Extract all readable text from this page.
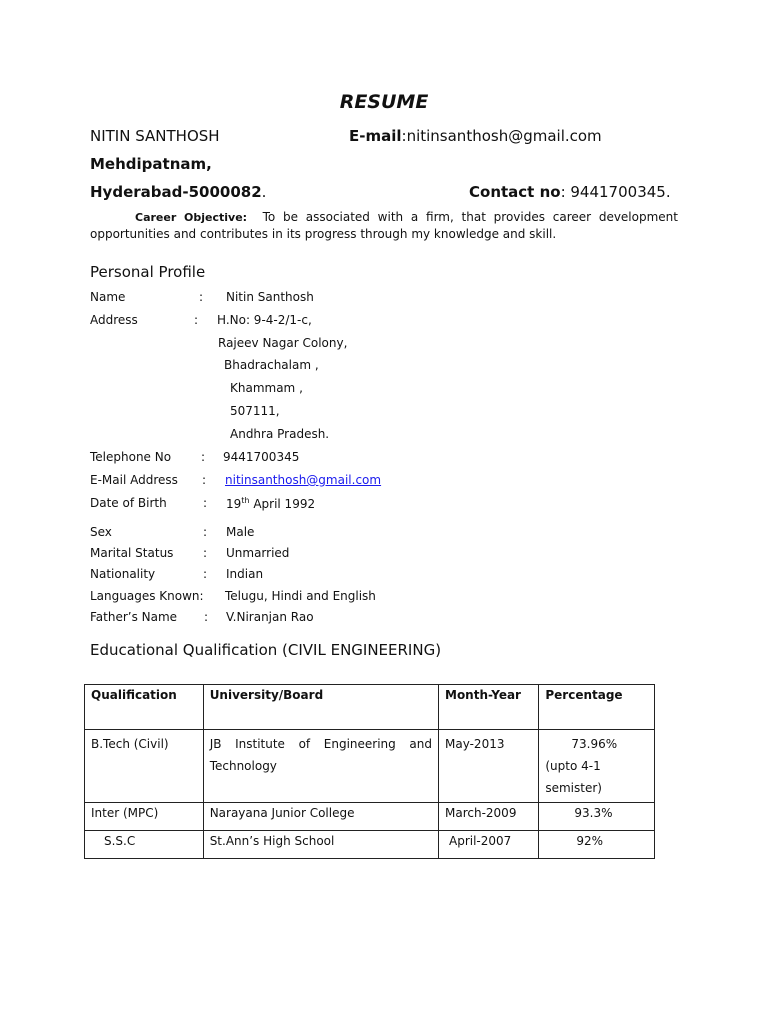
RESUME
NITIN SANTHOSH	E-mail:nitinsanthosh@gmail.com
Mehdipatnam,
Hyderabad-5000082.	Contact no: 9441700345.
Career Objective: To be associated with a firm, that provides career development opportunities and contributes in its progress through my knowledge and skill.
Personal Profile
Name	: Nitin Santhosh
Address	: H.No: 9-4-2/1-c,
Rajeev Nagar Colony,
Bhadrachalam ,
Khammam ,
507111,
Andhra Pradesh.
Telephone No : 9441700345
E-Mail Address : nitinsanthosh@gmail.com
Date of Birth	: 19th April 1992
Sex	: Male
Marital Status : Unmarried
Nationality	: Indian
Languages Known: Telugu, Hindi and English
Father’s Name : V.Niranjan Rao
Educational Qualification (CIVIL ENGINEERING)
Qualification	University/Board	Month-Year	Percentage
B.Tech (Civil)	JB Institute of Engineering and Technology	May-2013	73.96%
(upto 4-1
semister)

Inter (MPC)	Narayana Junior College	March-2009	93.3%
S.S.C	St.Ann’s High School	April-2007	92%
